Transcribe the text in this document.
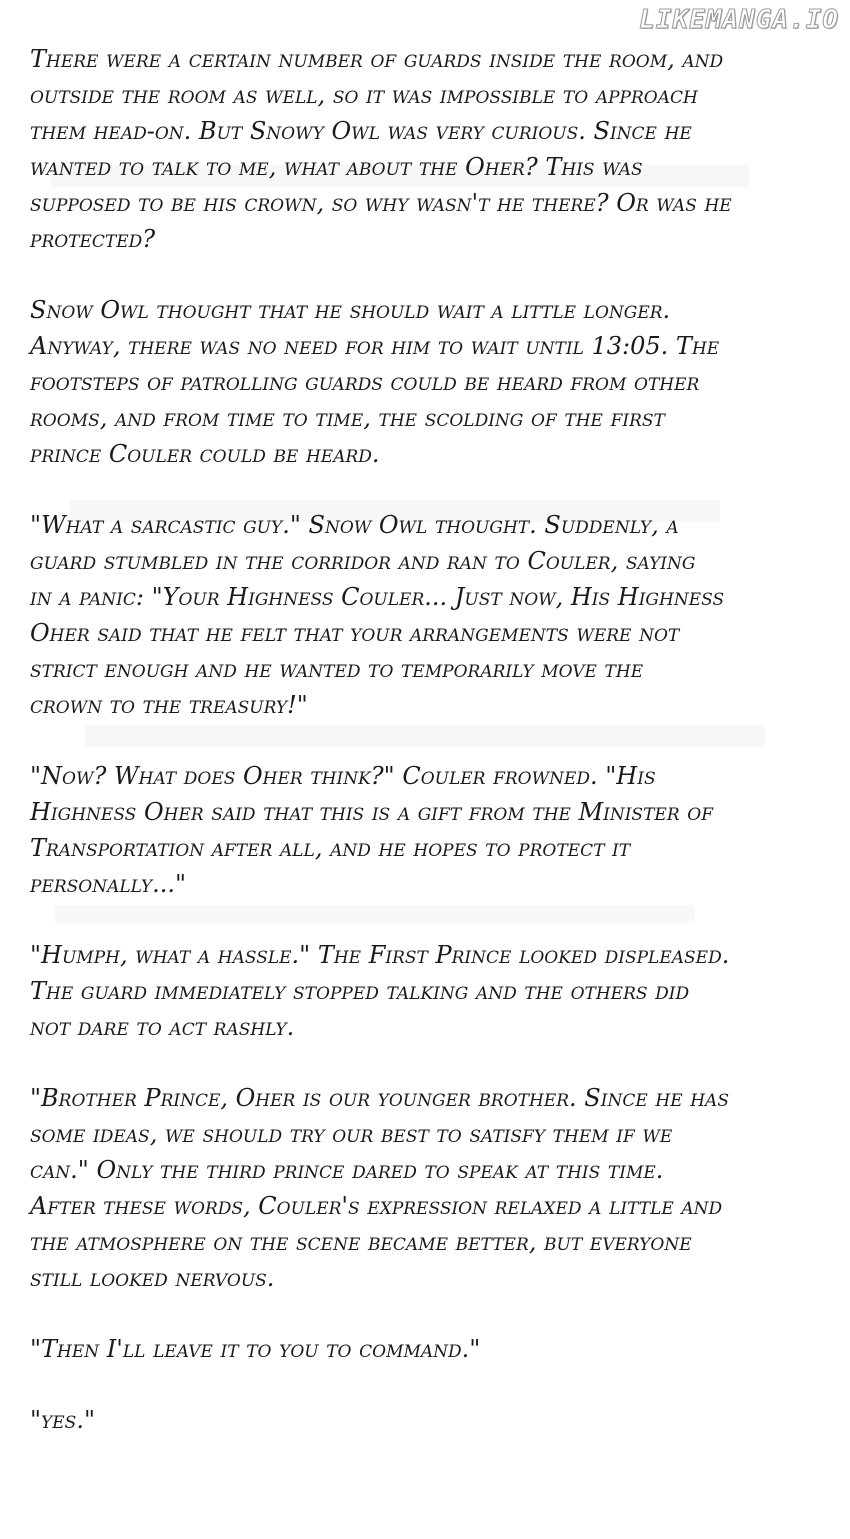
LIKEMANGA.IO

There were a certain number of guards inside the room, and
outside the room as well, so it was impossible to approach
them head-on. But Snowy Owl was very curious. Since he
wanted to talk to me, what about the Oher? This was
supposed to be his crown, so why wasn't he there? Or was he
protected?

Snow Owl thought that he should wait a little longer.
Anyway, there was no need for him to wait until 13:05. The
footsteps of patrolling guards could be heard from other
rooms, and from time to time, the scolding of the first
prince Couler could be heard.

"What a sarcastic guy." Snow Owl thought. Suddenly, a
guard stumbled in the corridor and ran to Couler, saying
in a panic: "Your Highness Couler... Just now, His Highness
Oher said that he felt that your arrangements were not
strict enough and he wanted to temporarily move the
crown to the treasury!"

"Now? What does Oher think?" Couler frowned. "His
Highness Oher said that this is a gift from the Minister of
Transportation after all, and he hopes to protect it
personally..."

"Humph, what a hassle." The First Prince looked displeased.
The guard immediately stopped talking and the others did
not dare to act rashly.

"Brother Prince, Oher is our younger brother. Since he has
some ideas, we should try our best to satisfy them if we
can." Only the third prince dared to speak at this time.
After these words, Couler's expression relaxed a little and
the atmosphere on the scene became better, but everyone
still looked nervous.

"Then I'll leave it to you to command."

"yes."
